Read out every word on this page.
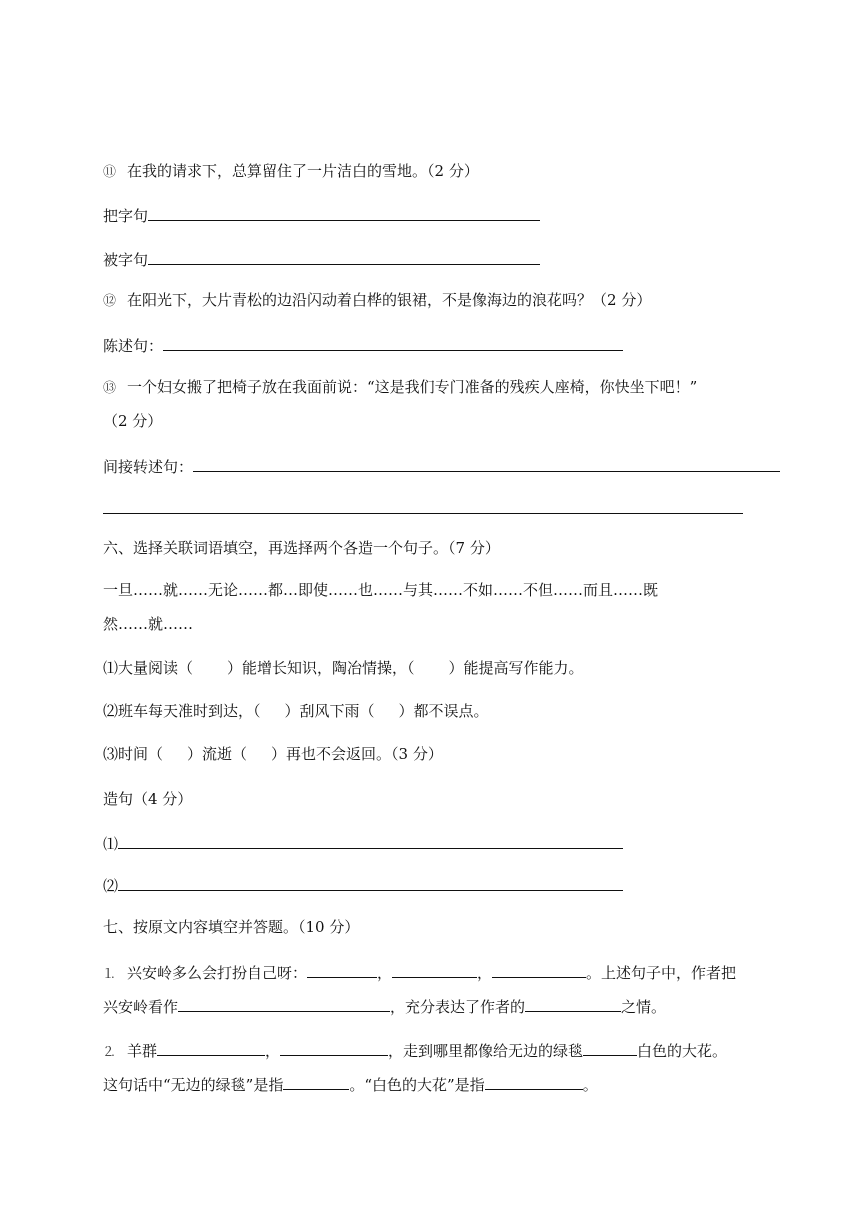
⑪ 在我的请求下，总算留住了一片洁白的雪地。（2 分）
把字句
被字句
⑫ 在阳光下，大片青松的边沿闪动着白桦的银裙，不是像海边的浪花吗？（2 分）
陈述句：
⑬ 一个妇女搬了把椅子放在我面前说：“这是我们专门准备的残疾人座椅，你快坐下吧！”
（2 分）
间接转述句：
六、选择关联词语填空，再选择两个各造一个句子。（7 分）
一旦……就……无论……都…即使……也……与其……不如……不但……而且……既
然……就……
⑴大量阅读（ ）能增长知识，陶冶情操，（ ）能提高写作能力。
⑵班车每天准时到达，（ ）刮风下雨（ ）都不误点。
⑶时间（ ）流逝（ ）再也不会返回。（3 分）
造句（4 分）
⑴
⑵
七、按原文内容填空并答题。（10 分）
⒈ 兴安岭多么会打扮自己呀：	，	，	。上述句子中，作者把
兴安岭看作	，充分表达了作者的	之情。
⒉ 羊群	，	，走到哪里都像给无边的绿毯	白色的大花。
这句话中“无边的绿毯”是指	。“白色的大花”是指	。
